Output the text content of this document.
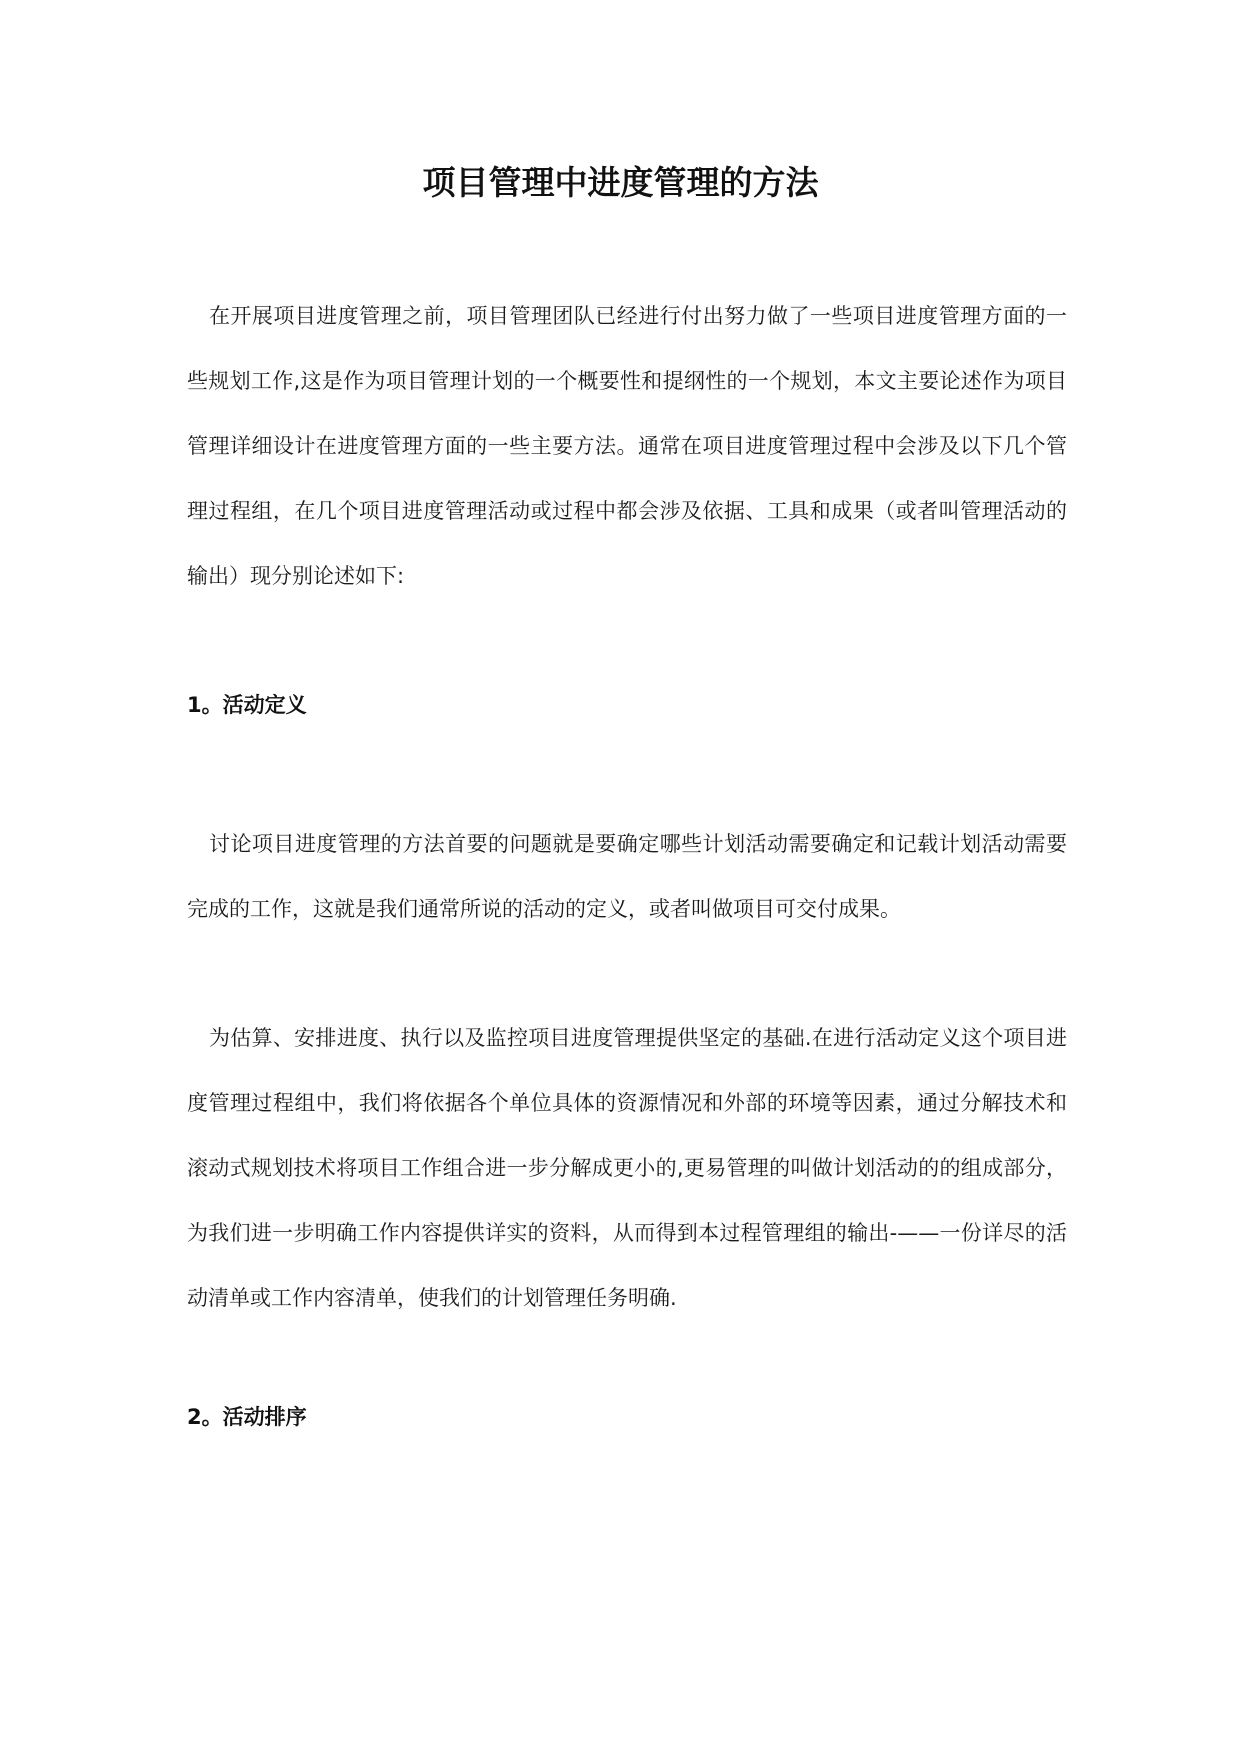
项目管理中进度管理的方法

在开展项目进度管理之前，项目管理团队已经进行付出努力做了一些项目进度管理方面的一些规划工作,这是作为项目管理计划的一个概要性和提纲性的一个规划，本文主要论述作为项目管理详细设计在进度管理方面的一些主要方法。通常在项目进度管理过程中会涉及以下几个管理过程组，在几个项目进度管理活动或过程中都会涉及依据、工具和成果（或者叫管理活动的输出）现分别论述如下:

1。活动定义

讨论项目进度管理的方法首要的问题就是要确定哪些计划活动需要确定和记载计划活动需要完成的工作，这就是我们通常所说的活动的定义，或者叫做项目可交付成果。

为估算、安排进度、执行以及监控项目进度管理提供坚定的基础.在进行活动定义这个项目进度管理过程组中，我们将依据各个单位具体的资源情况和外部的环境等因素，通过分解技术和滚动式规划技术将项目工作组合进一步分解成更小的,更易管理的叫做计划活动的的组成部分，为我们进一步明确工作内容提供详实的资料，从而得到本过程管理组的输出-——一份详尽的活动清单或工作内容清单，使我们的计划管理任务明确.

2。活动排序
